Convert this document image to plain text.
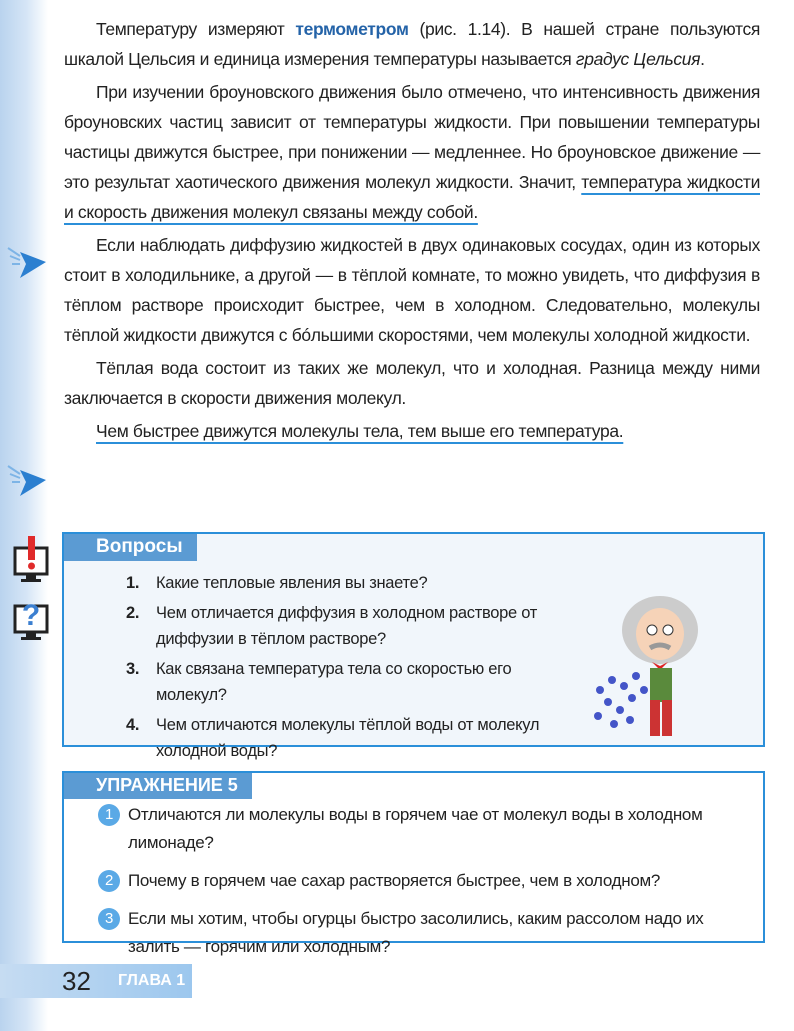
Температуру измеряют термометром (рис. 1.14). В нашей стране пользуются шкалой Цельсия и единица измерения температуры называется градус Цельсия.

При изучении броуновского движения было отмечено, что интенсивность движения броуновских частиц зависит от температуры жидкости. При повышении температуры частицы движутся быстрее, при понижении — медленнее. Но броуновское движение — это результат хаотического движения молекул жидкости. Значит, температура жидкости и скорость движения молекул связаны между собой.

Если наблюдать диффузию жидкостей в двух одинаковых сосудах, один из которых стоит в холодильнике, а другой — в тёплой комнате, то можно увидеть, что диффузия в тёплом растворе происходит быстрее, чем в холодном. Следовательно, молекулы тёплой жидкости движутся с бóльшими скоростями, чем молекулы холодной жидкости.

Тёплая вода состоит из таких же молекул, что и холодная. Разница между ними заключается в скорости движения молекул.

Чем быстрее движутся молекулы тела, тем выше его температура.

?
Вопросы
1.	Какие тепловые явления вы знаете?
2.	Чем отличается диффузия в холодном растворе от диффузии в тёплом растворе?
3.	Как связана температура тела со скоростью его молекул?
4.	Чем отличаются молекулы тёплой воды от молекул холодной воды?
УПРАЖНЕНИЕ 5
1 Отличаются ли молекулы воды в горячем чае от молекул воды в холодном лимонаде?
2 Почему в горячем чае сахар растворяется быстрее, чем в холодном?
3 Если мы хотим, чтобы огурцы быстро засолились, каким рассолом надо их залить — горячим или холодным?
32 ГЛАВА 1
